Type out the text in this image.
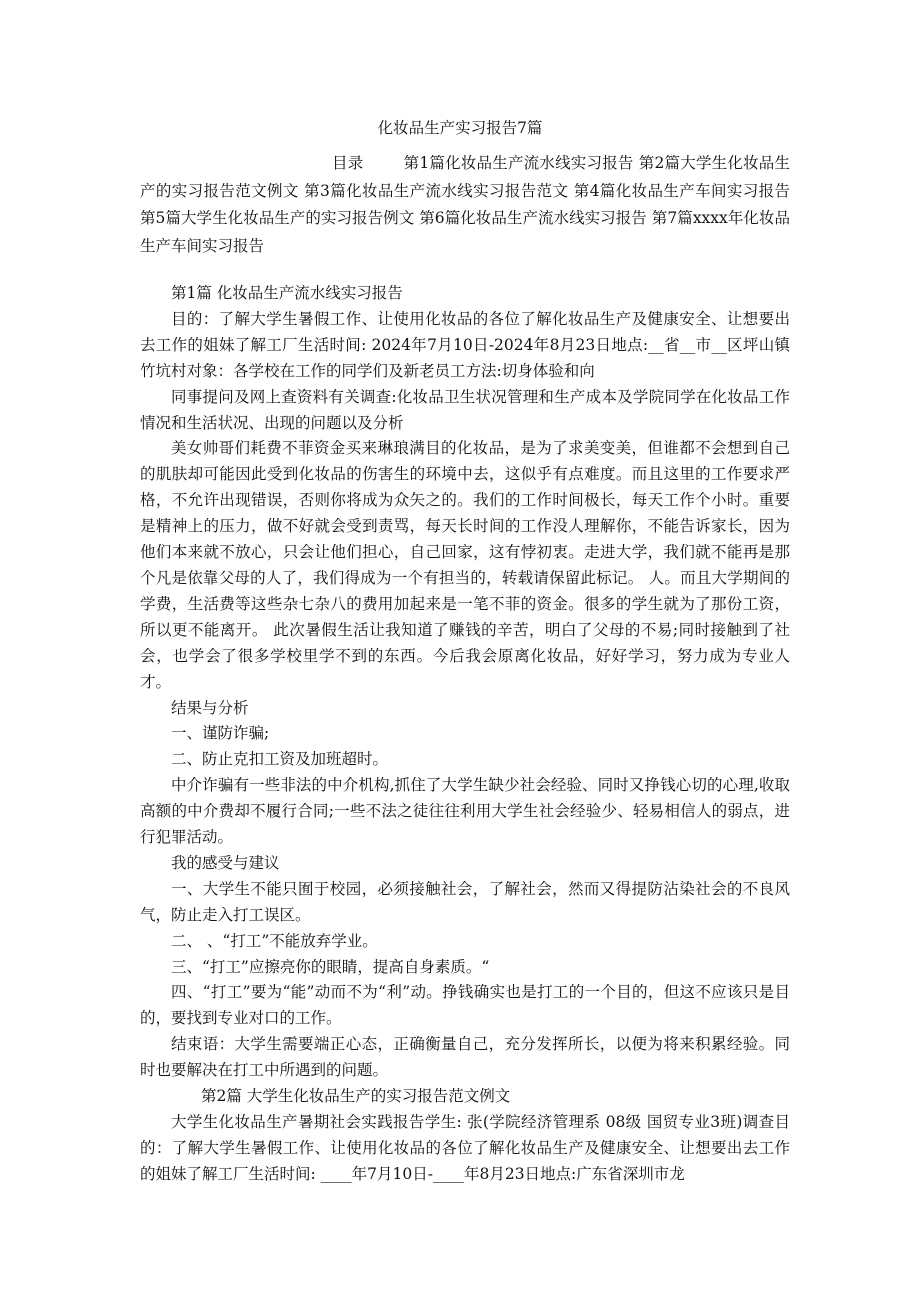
化妆品生产实习报告7篇

目录	第1篇化妆品生产流水线实习报告 第2篇大学生化妆品生产的实习报告范文例文 第3篇化妆品生产流水线实习报告范文 第4篇化妆品生产车间实习报告 第5篇大学生化妆品生产的实习报告例文 第6篇化妆品生产流水线实习报告 第7篇xxxx年化妆品生产车间实习报告

第1篇 化妆品生产流水线实习报告

目的：了解大学生暑假工作、让使用化妆品的各位了解化妆品生产及健康安全、让想要出去工作的姐妹了解工厂生活时间: 2024年7月10日-2024年8月23日地点:__省__市__区坪山镇竹坑村对象：各学校在工作的同学们及新老员工方法:切身体验和向

同事提问及网上查资料有关调查:化妆品卫生状况管理和生产成本及学院同学在化妆品工作情况和生活状况、出现的问题以及分析

美女帅哥们耗费不菲资金买来琳琅满目的化妆品，是为了求美变美，但谁都不会想到自己的肌肤却可能因此受到化妆品的伤害生的环境中去，这似乎有点难度。而且这里的工作要求严格，不允许出现错误，否则你将成为众矢之的。我们的工作时间极长，每天工作个小时。重要是精神上的压力，做不好就会受到责骂，每天长时间的工作没人理解你，不能告诉家长，因为他们本来就不放心，只会让他们担心，自己回家，这有悖初衷。走进大学，我们就不能再是那个凡是依靠父母的人了，我们得成为一个有担当的，转载请保留此标记。 人。而且大学期间的学费，生活费等这些杂七杂八的费用加起来是一笔不菲的资金。很多的学生就为了那份工资，所以更不能离开。 此次暑假生活让我知道了赚钱的辛苦，明白了父母的不易;同时接触到了社会，也学会了很多学校里学不到的东西。今后我会原离化妆品，好好学习，努力成为专业人才。

结果与分析

一、谨防诈骗;

二、防止克扣工资及加班超时。

中介诈骗有一些非法的中介机构,抓住了大学生缺少社会经验、同时又挣钱心切的心理,收取高额的中介费却不履行合同;一些不法之徒往往利用大学生社会经验少、轻易相信人的弱点，进行犯罪活动。

我的感受与建议

一、大学生不能只囿于校园，必须接触社会，了解社会，然而又得提防沾染社会的不良风气，防止走入打工误区。

二、 、“打工”不能放弃学业。

三、“打工”应擦亮你的眼睛，提高自身素质。“

四、“打工”要为“能”动而不为“利”动。挣钱确实也是打工的一个目的，但这不应该只是目的，要找到专业对口的工作。

结束语：大学生需要端正心态，正确衡量自己，充分发挥所长，以便为将来积累经验。同时也要解决在打工中所遇到的问题。

第2篇 大学生化妆品生产的实习报告范文例文

大学生化妆品生产暑期社会实践报告学生: 张(学院经济管理系 08级 国贸专业3班)调查目的：了解大学生暑假工作、让使用化妆品的各位了解化妆品生产及健康安全、让想要出去工作的姐妹了解工厂生活时间: ____年7月10日-____年8月23日地点:广东省深圳市龙
